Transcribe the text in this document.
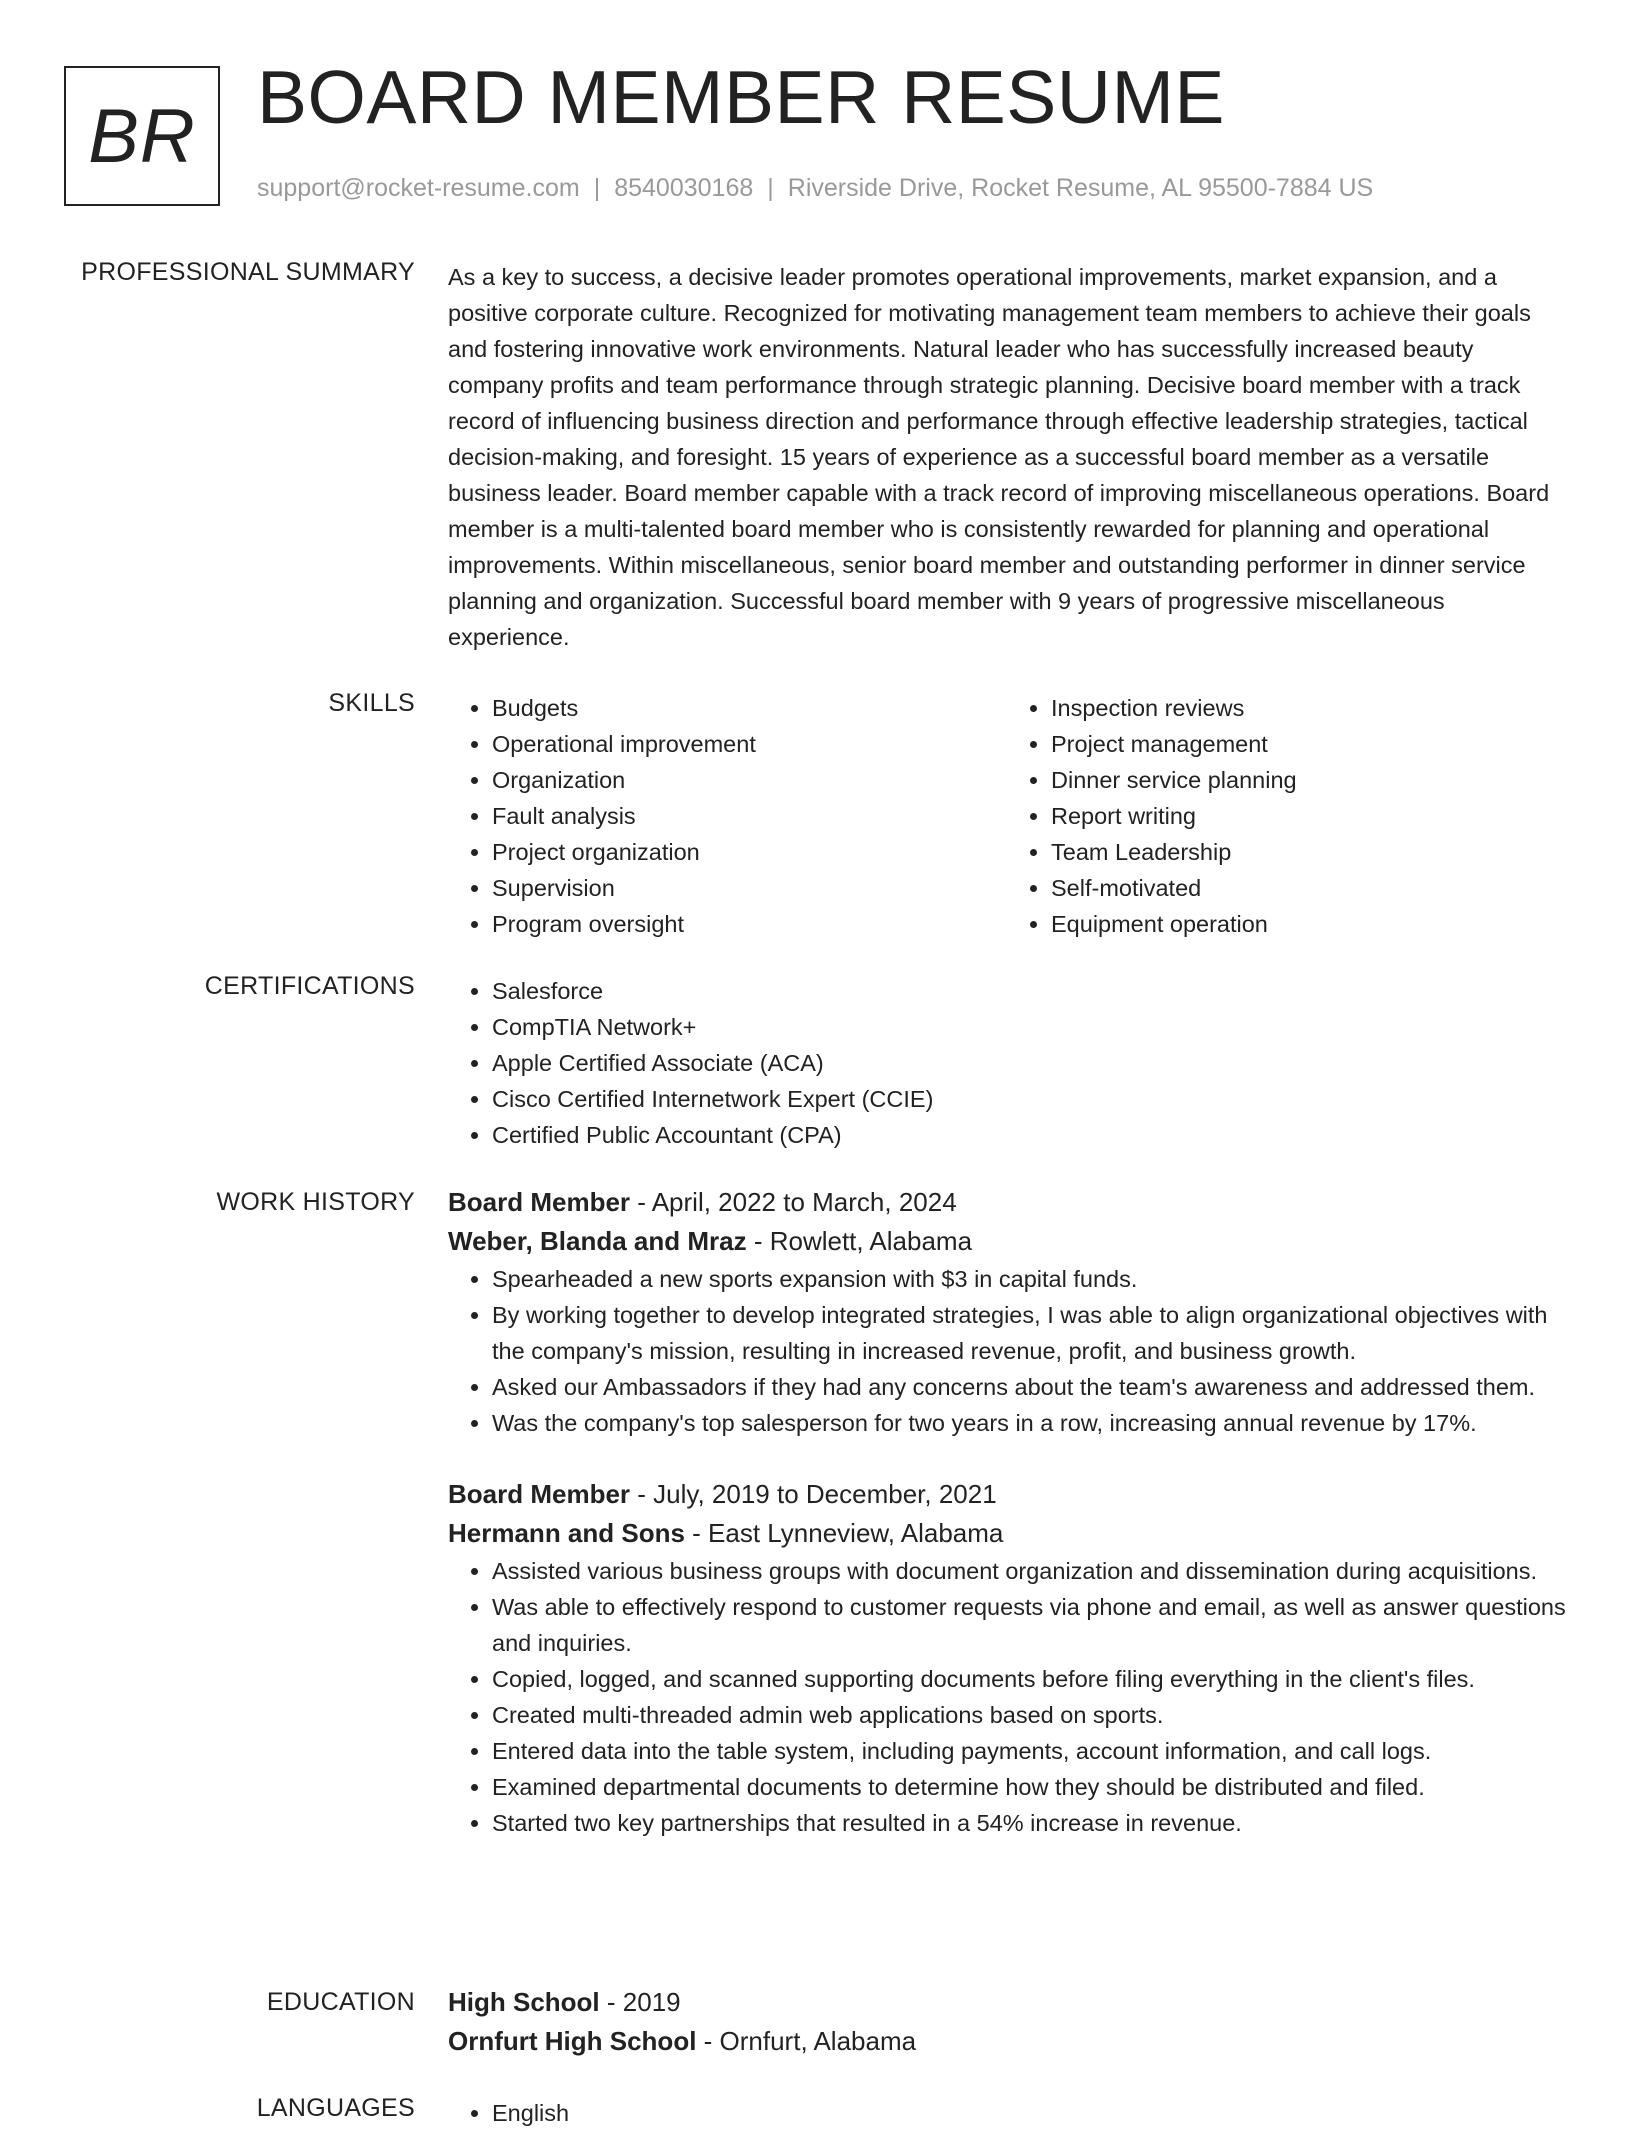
BR BOARD MEMBER RESUME
support@rocket-resume.com | 8540030168 | Riverside Drive, Rocket Resume, AL 95500-7884 US
PROFESSIONAL SUMMARY As a key to success, a decisive leader promotes operational improvements, market expansion, and a positive corporate culture. Recognized for motivating management team members to achieve their goals and fostering innovative work environments. Natural leader who has successfully increased beauty company profits and team performance through strategic planning. Decisive board member with a track record of influencing business direction and performance through effective leadership strategies, tactical decision-making, and foresight. 15 years of experience as a successful board member as a versatile business leader. Board member capable with a track record of improving miscellaneous operations. Board member is a multi-talented board member who is consistently rewarded for planning and operational improvements. Within miscellaneous, senior board member and outstanding performer in dinner service planning and organization. Successful board member with 9 years of progressive miscellaneous experience.

SKILLS	• Budgets
• Operational improvement
• Organization
• Fault analysis
• Project organization
• Supervision
• Program oversight
• Inspection reviews
• Project management
• Dinner service planning
• Report writing
• Team Leadership
• Self-motivated
• Equipment operation
CERTIFICATIONS	• Salesforce
• CompTIA Network+
• Apple Certified Associate (ACA)
• Cisco Certified Internetwork Expert (CCIE)
• Certified Public Accountant (CPA)
WORK HISTORY Board Member - April, 2022 to March, 2024
Weber, Blanda and Mraz - Rowlett, Alabama
• Spearheaded a new sports expansion with $3 in capital funds.
• By working together to develop integrated strategies, I was able to align organizational objectives with the company's mission, resulting in increased revenue, profit, and business growth.
• Asked our Ambassadors if they had any concerns about the team's awareness and addressed them.
• Was the company's top salesperson for two years in a row, increasing annual revenue by 17%.
Board Member - July, 2019 to December, 2021
Hermann and Sons - East Lynneview, Alabama
• Assisted various business groups with document organization and dissemination during acquisitions.
• Was able to effectively respond to customer requests via phone and email, as well as answer questions and inquiries.
• Copied, logged, and scanned supporting documents before filing everything in the client's files.
• Created multi-threaded admin web applications based on sports.
• Entered data into the table system, including payments, account information, and call logs.
• Examined departmental documents to determine how they should be distributed and filed.
• Started two key partnerships that resulted in a 54% increase in revenue.
EDUCATION High School - 2019
Ornfurt High School - Ornfurt, Alabama
LANGUAGES	• English
